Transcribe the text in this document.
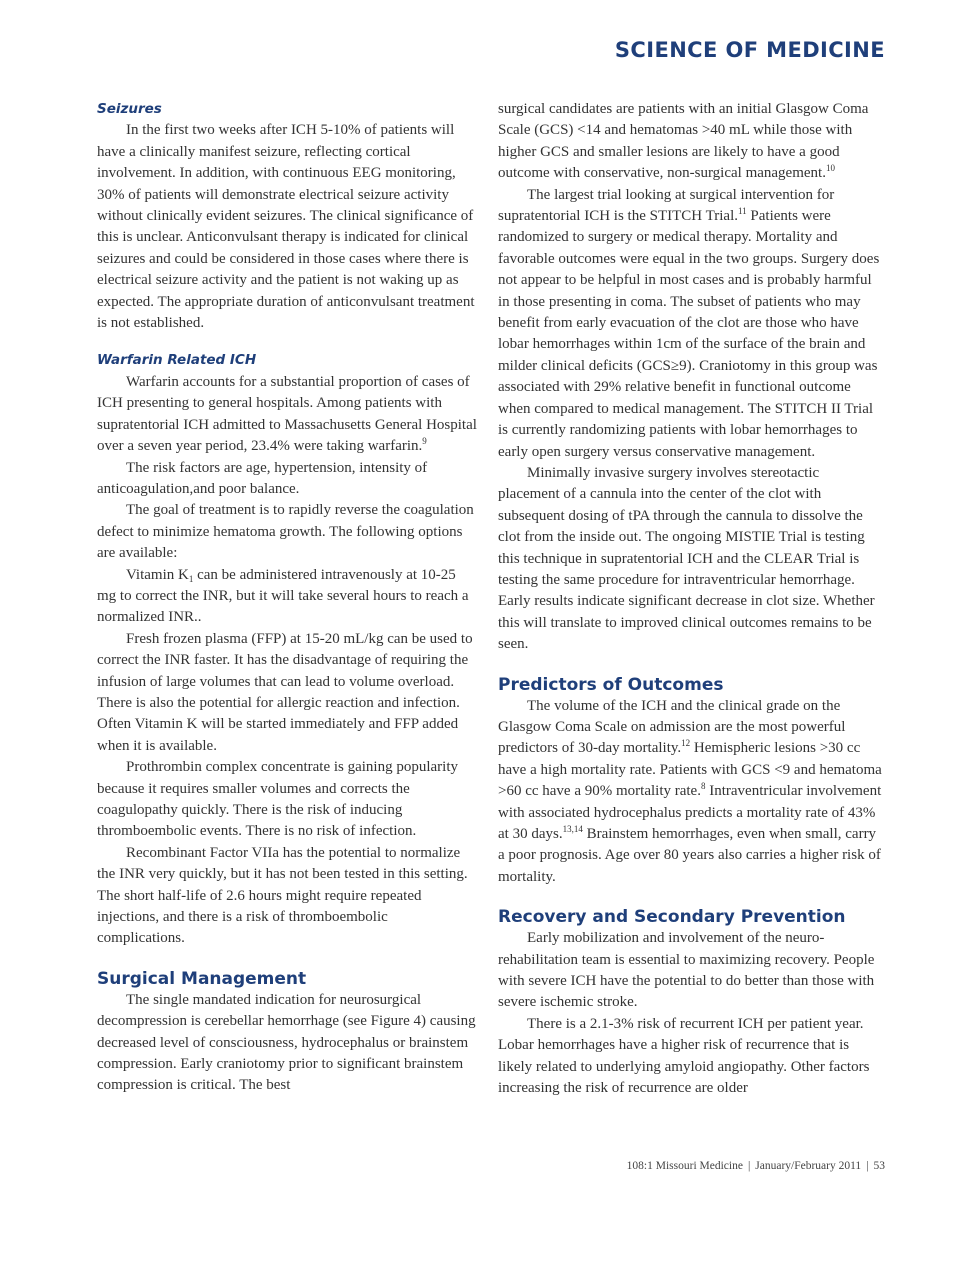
SCIENCE OF MEDICINE

Seizures

In the first two weeks after ICH 5-10% of patients will have a clinically manifest seizure, reflecting cortical involvement. In addition, with continuous EEG monitoring, 30% of patients will demonstrate electrical seizure activity without clinically evident seizures. The clinical significance of this is unclear. Anticonvulsant therapy is indicated for clinical seizures and could be considered in those cases where there is electrical seizure activity and the patient is not waking up as expected. The appropriate duration of anticonvulsant treatment is not established.

Warfarin Related ICH

Warfarin accounts for a substantial proportion of cases of ICH presenting to general hospitals. Among patients with supratentorial ICH admitted to Massachusetts General Hospital over a seven year period, 23.4% were taking warfarin.$^9$

The risk factors are age, hypertension, intensity of anticoagulation,and poor balance.

The goal of treatment is to rapidly reverse the coagulation defect to minimize hematoma growth. The following options are available:

Vitamin $K_1$ can be administered intravenously at 10-25 mg to correct the INR, but it will take several hours to reach a normalized INR..

Fresh frozen plasma (FFP) at 15-20 mL/kg can be used to correct the INR faster. It has the disadvantage of requiring the infusion of large volumes that can lead to volume overload. There is also the potential for allergic reaction and infection. Often Vitamin K will be started immediately and FFP added when it is available.

Prothrombin complex concentrate is gaining popularity because it requires smaller volumes and corrects the coagulopathy quickly. There is the risk of inducing thromboembolic events. There is no risk of infection.

Recombinant Factor VIIa has the potential to normalize the INR very quickly, but it has not been tested in this setting. The short half-life of 2.6 hours might require repeated injections, and there is a risk of thromboembolic complications.

Surgical Management

The single mandated indication for neurosurgical decompression is cerebellar hemorrhage (see Figure 4) causing decreased level of consciousness, hydrocephalus or brainstem compression. Early craniotomy prior to significant brainstem compression is critical. The best

surgical candidates are patients with an initial Glasgow Coma Scale (GCS) <14 and hematomas >40 mL while those with higher GCS and smaller lesions are likely to have a good outcome with conservative, non-surgical management.$^{10}$

The largest trial looking at surgical intervention for supratentorial ICH is the STITCH Trial.$^{11}$ Patients were randomized to surgery or medical therapy. Mortality and favorable outcomes were equal in the two groups. Surgery does not appear to be helpful in most cases and is probably harmful in those presenting in coma. The subset of patients who may benefit from early evacuation of the clot are those who have lobar hemorrhages within 1cm of the surface of the brain and milder clinical deficits (GCS≥9). Craniotomy in this group was associated with 29% relative benefit in functional outcome when compared to medical management. The STITCH II Trial is currently randomizing patients with lobar hemorrhages to early open surgery versus conservative management.

Minimally invasive surgery involves stereotactic placement of a cannula into the center of the clot with subsequent dosing of tPA through the cannula to dissolve the clot from the inside out. The ongoing MISTIE Trial is testing this technique in supratentorial ICH and the CLEAR Trial is testing the same procedure for intraventricular hemorrhage. Early results indicate significant decrease in clot size. Whether this will translate to improved clinical outcomes remains to be seen.

Predictors of Outcomes

The volume of the ICH and the clinical grade on the Glasgow Coma Scale on admission are the most powerful predictors of 30-day mortality.$^{12}$ Hemispheric lesions >30 cc have a high mortality rate. Patients with GCS <9 and hematoma >60 cc have a 90% mortality rate.$^8$ Intraventricular involvement with associated hydrocephalus predicts a mortality rate of 43% at 30 days.$^{13,14}$ Brainstem hemorrhages, even when small, carry a poor prognosis. Age over 80 years also carries a higher risk of mortality.

Recovery and Secondary Prevention

Early mobilization and involvement of the neuro-rehabilitation team is essential to maximizing recovery. People with severe ICH have the potential to do better than those with severe ischemic stroke.

There is a 2.1-3% risk of recurrent ICH per patient year. Lobar hemorrhages have a higher risk of recurrence that is likely related to underlying amyloid angiopathy. Other factors increasing the risk of recurrence are older

108:1 Missouri Medicine | January/February 2011 | 53
